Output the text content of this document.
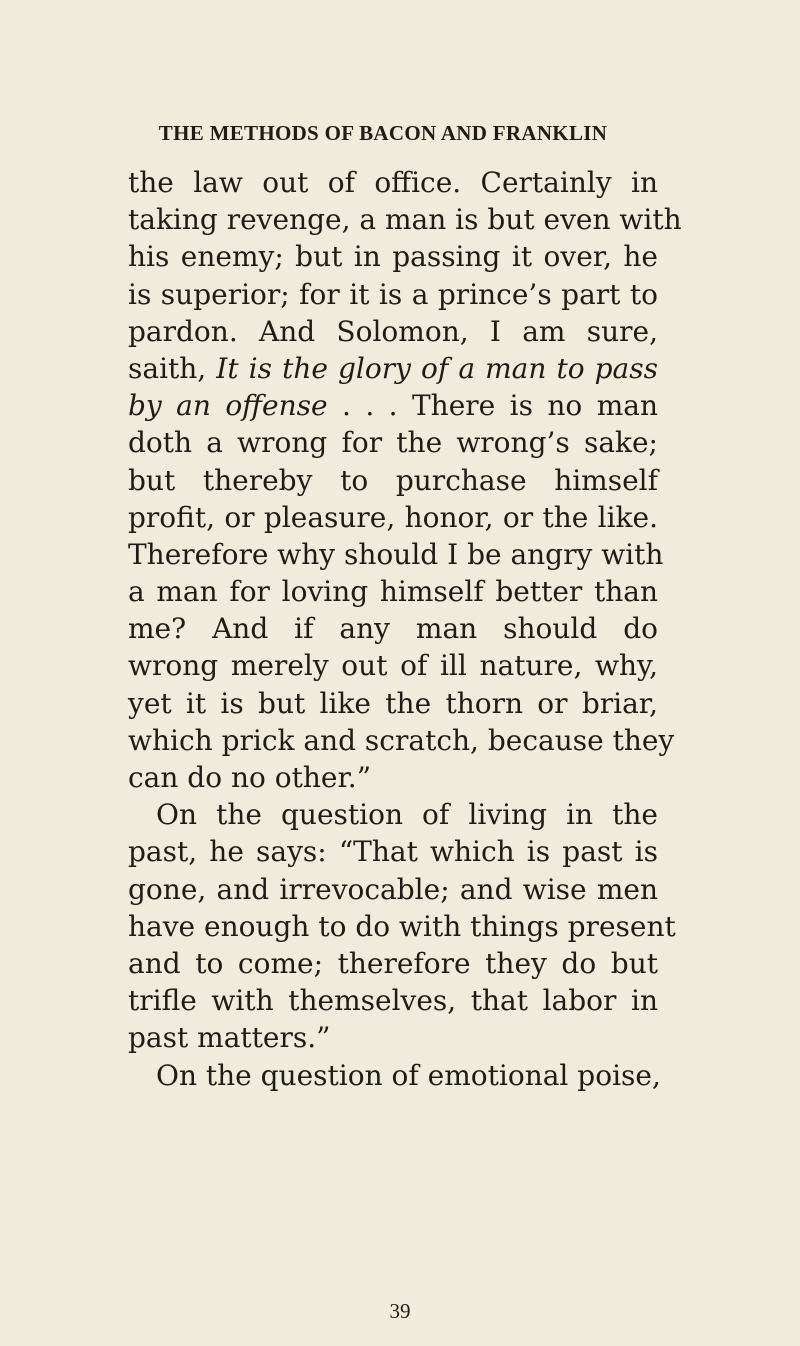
THE METHODS OF BACON AND FRANKLIN
the law out of office. Certainly in
taking revenge, a man is but even with
his enemy; but in passing it over, he
is superior; for it is a prince’s part to
pardon. And Solomon, I am sure,
saith, It is the glory of a man to pass
by an offense . . . There is no man
doth a wrong for the wrong’s sake;
but thereby to purchase himself
profit, or pleasure, honor, or the like.
Therefore why should I be angry with
a man for loving himself better than
me? And if any man should do
wrong merely out of ill nature, why,
yet it is but like the thorn or briar,
which prick and scratch, because they
can do no other.”
On the question of living in the
past, he says: “That which is past is
gone, and irrevocable; and wise men
have enough to do with things present
and to come; therefore they do but
trifle with themselves, that labor in
past matters.”
On the question of emotional poise,
39
